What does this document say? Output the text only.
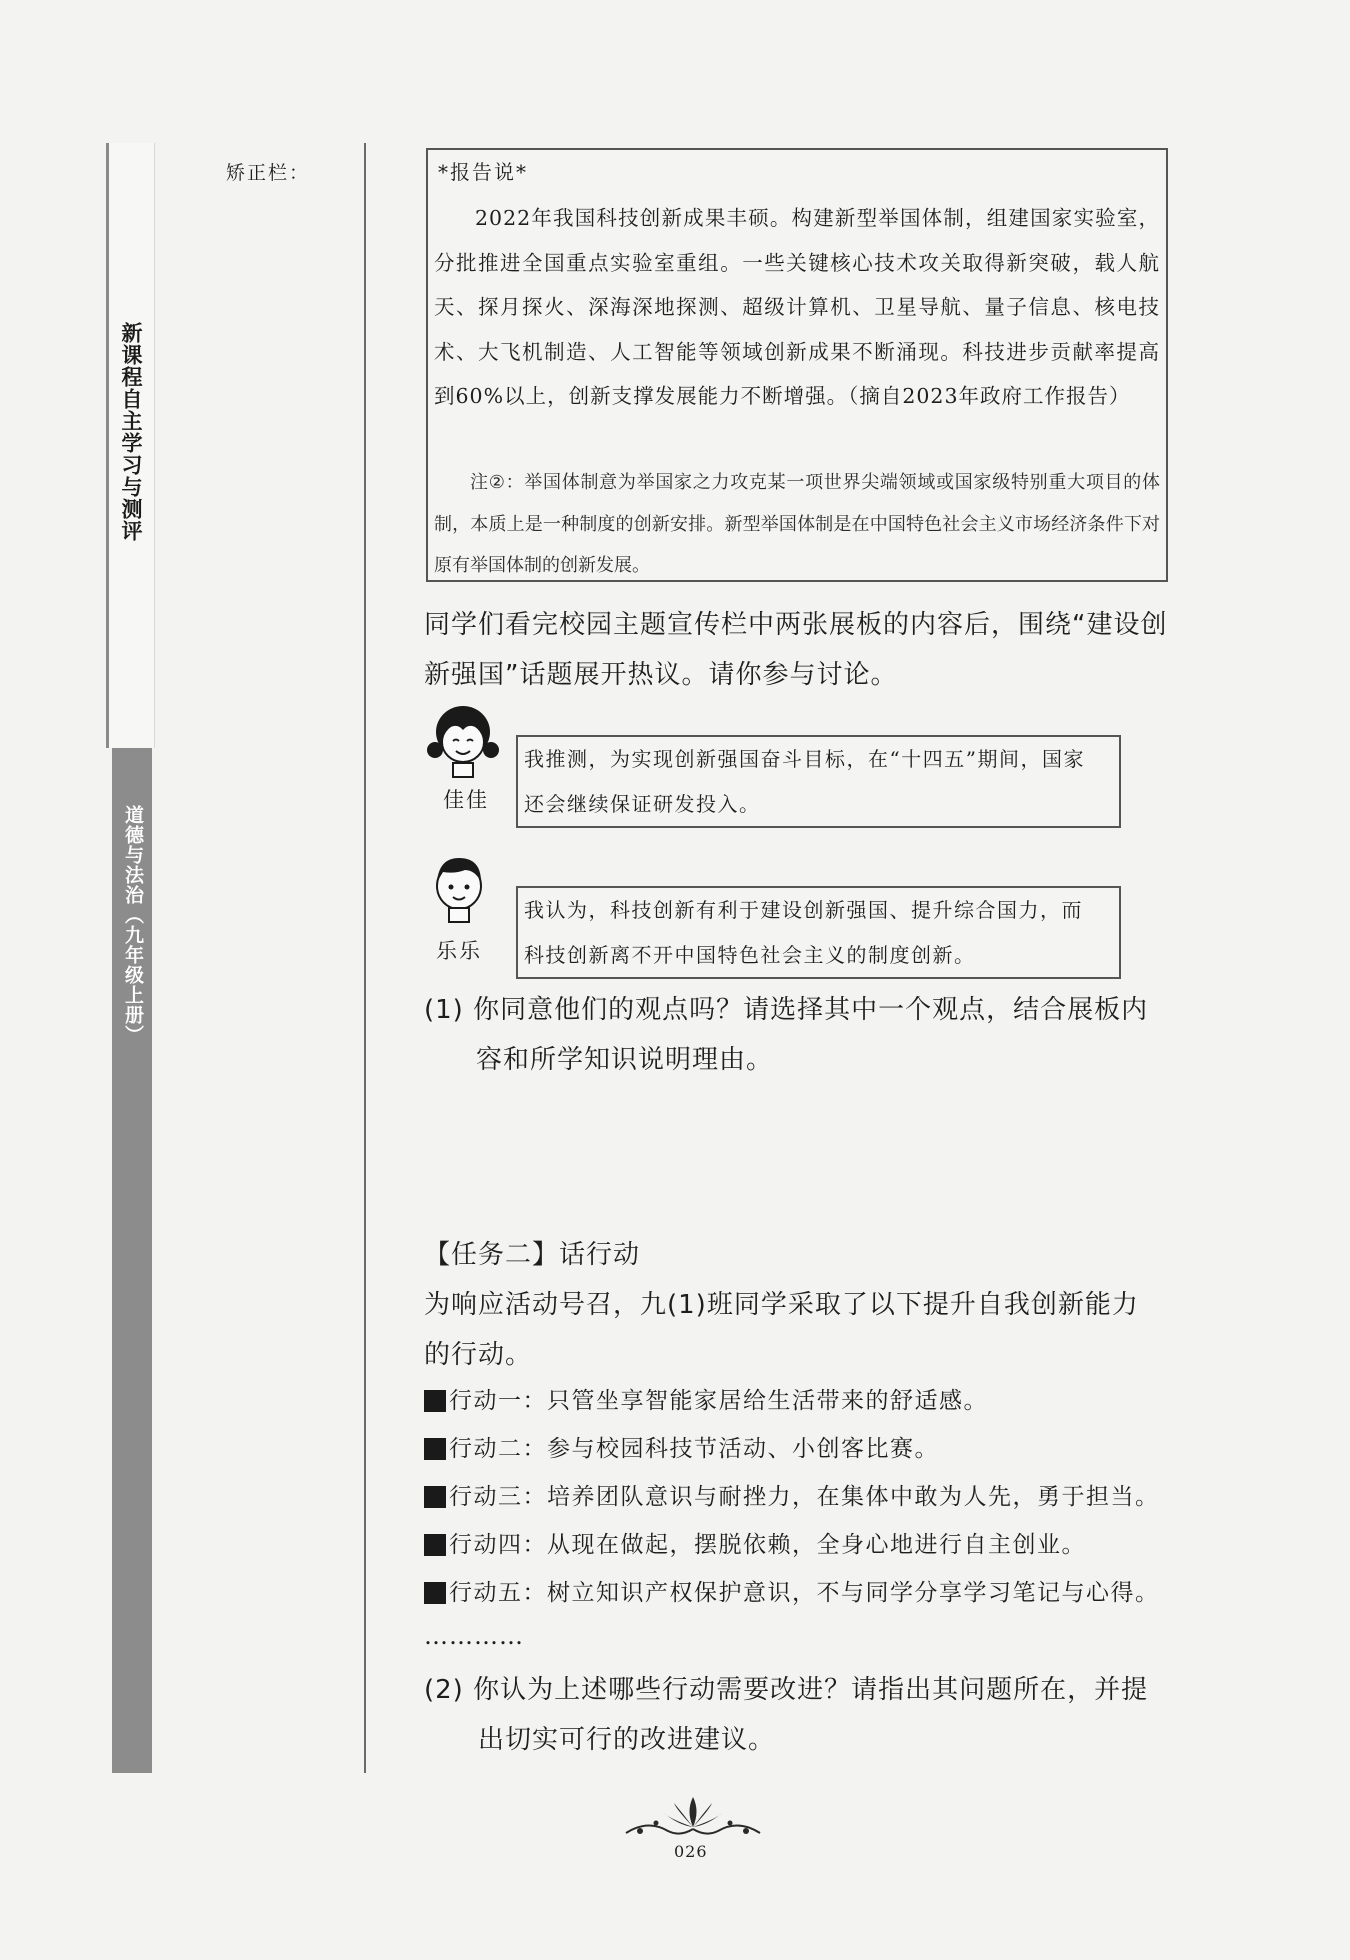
新课程自主学习与测评
道德与法治（九年级上册）
矫正栏：	*报告说*

2022年我国科技创新成果丰硕。构建新型举国体制，组建国家实验室，分批推进全国重点实验室重组。一些关键核心技术攻关取得新突破，载人航天、探月探火、深海深地探测、超级计算机、卫星导航、量子信息、核电技术、大飞机制造、人工智能等领域创新成果不断涌现。科技进步贡献率提高到60%以上，创新支撑发展能力不断增强。（摘自2023年政府工作报告）

注②：举国体制意为举国家之力攻克某一项世界尖端领域或国家级特别重大项目的体制，本质上是一种制度的创新安排。新型举国体制是在中国特色社会主义市场经济条件下对原有举国体制的创新发展。

同学们看完校园主题宣传栏中两张展板的内容后，围绕“建设创新强国”话题展开热议。请你参与讨论。
佳佳
我推测，为实现创新强国奋斗目标，在“十四五”期间，国家
还会继续保证研发投入。
乐乐
我认为，科技创新有利于建设创新强国、提升综合国力，而
科技创新离不开中国特色社会主义的制度创新。
(1) 你同意他们的观点吗？请选择其中一个观点，结合展板内
容和所学知识说明理由。
【任务二】话行动
为响应活动号召，九(1)班同学采取了以下提升自我创新能力
的行动。
行动一：只管坐享智能家居给生活带来的舒适感。
行动二：参与校园科技节活动、小创客比赛。
行动三：培养团队意识与耐挫力，在集体中敢为人先，勇于担当。
行动四：从现在做起，摆脱依赖，全身心地进行自主创业。
行动五：树立知识产权保护意识，不与同学分享学习笔记与心得。
…………
(2) 你认为上述哪些行动需要改进？请指出其问题所在，并提
出切实可行的改进建议。
026
